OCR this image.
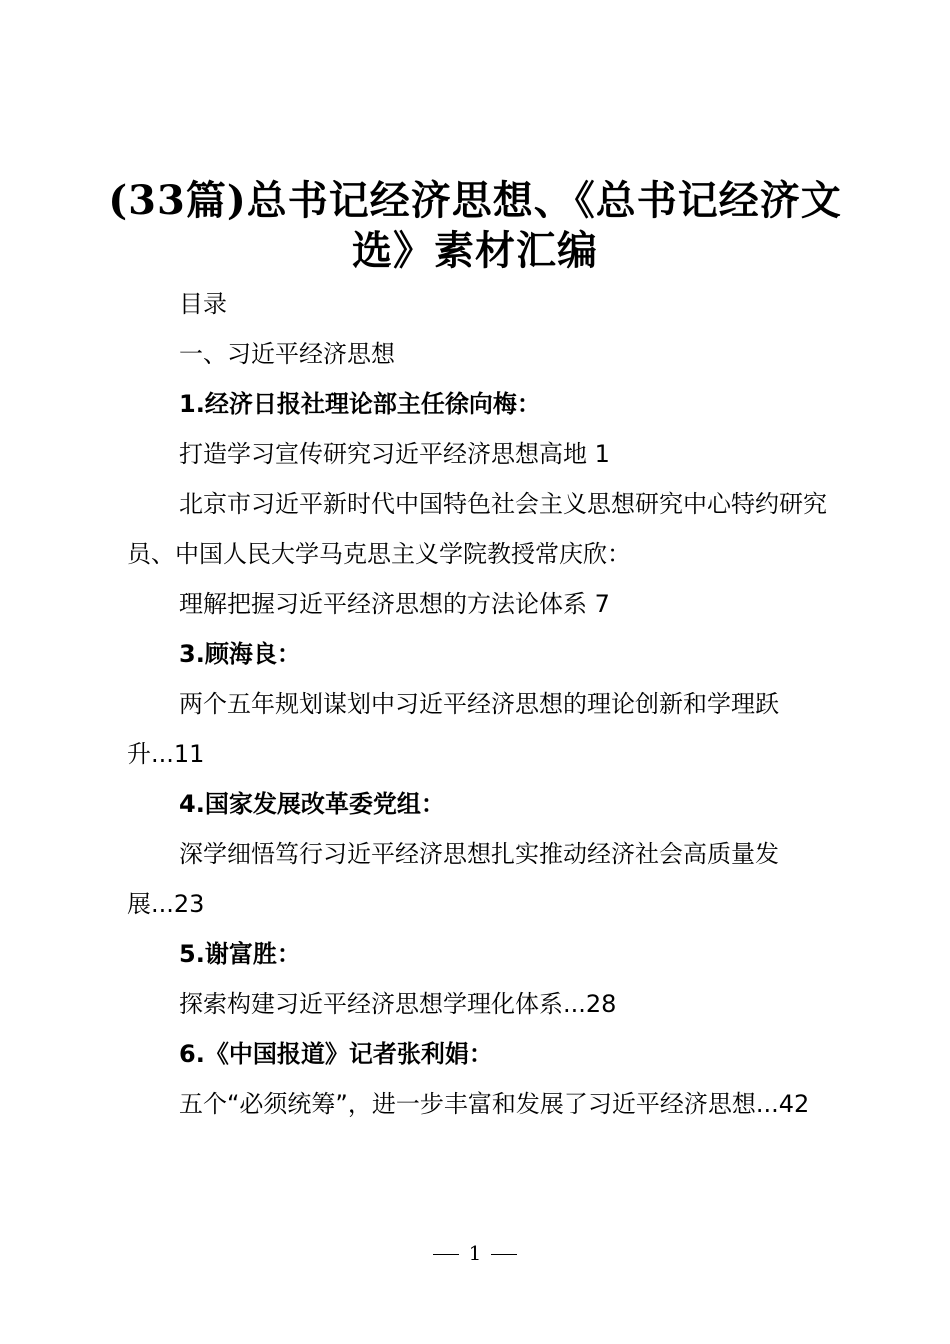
(33篇)总书记经济思想、《总书记经济文选》素材汇编

目录

一、习近平经济思想

1.经济日报社理论部主任徐向梅：

打造学习宣传研究习近平经济思想高地 1

北京市习近平新时代中国特色社会主义思想研究中心特约研究员、中国人民大学马克思主义学院教授常庆欣：

理解把握习近平经济思想的方法论体系 7

3.顾海良：

两个五年规划谋划中习近平经济思想的理论创新和学理跃升...11

4.国家发展改革委党组：

深学细悟笃行习近平经济思想扎实推动经济社会高质量发展...23

5.谢富胜：

探索构建习近平经济思想学理化体系...28

6.《中国报道》记者张利娟：

五个“必须统筹”，进一步丰富和发展了习近平经济思想...42

1
